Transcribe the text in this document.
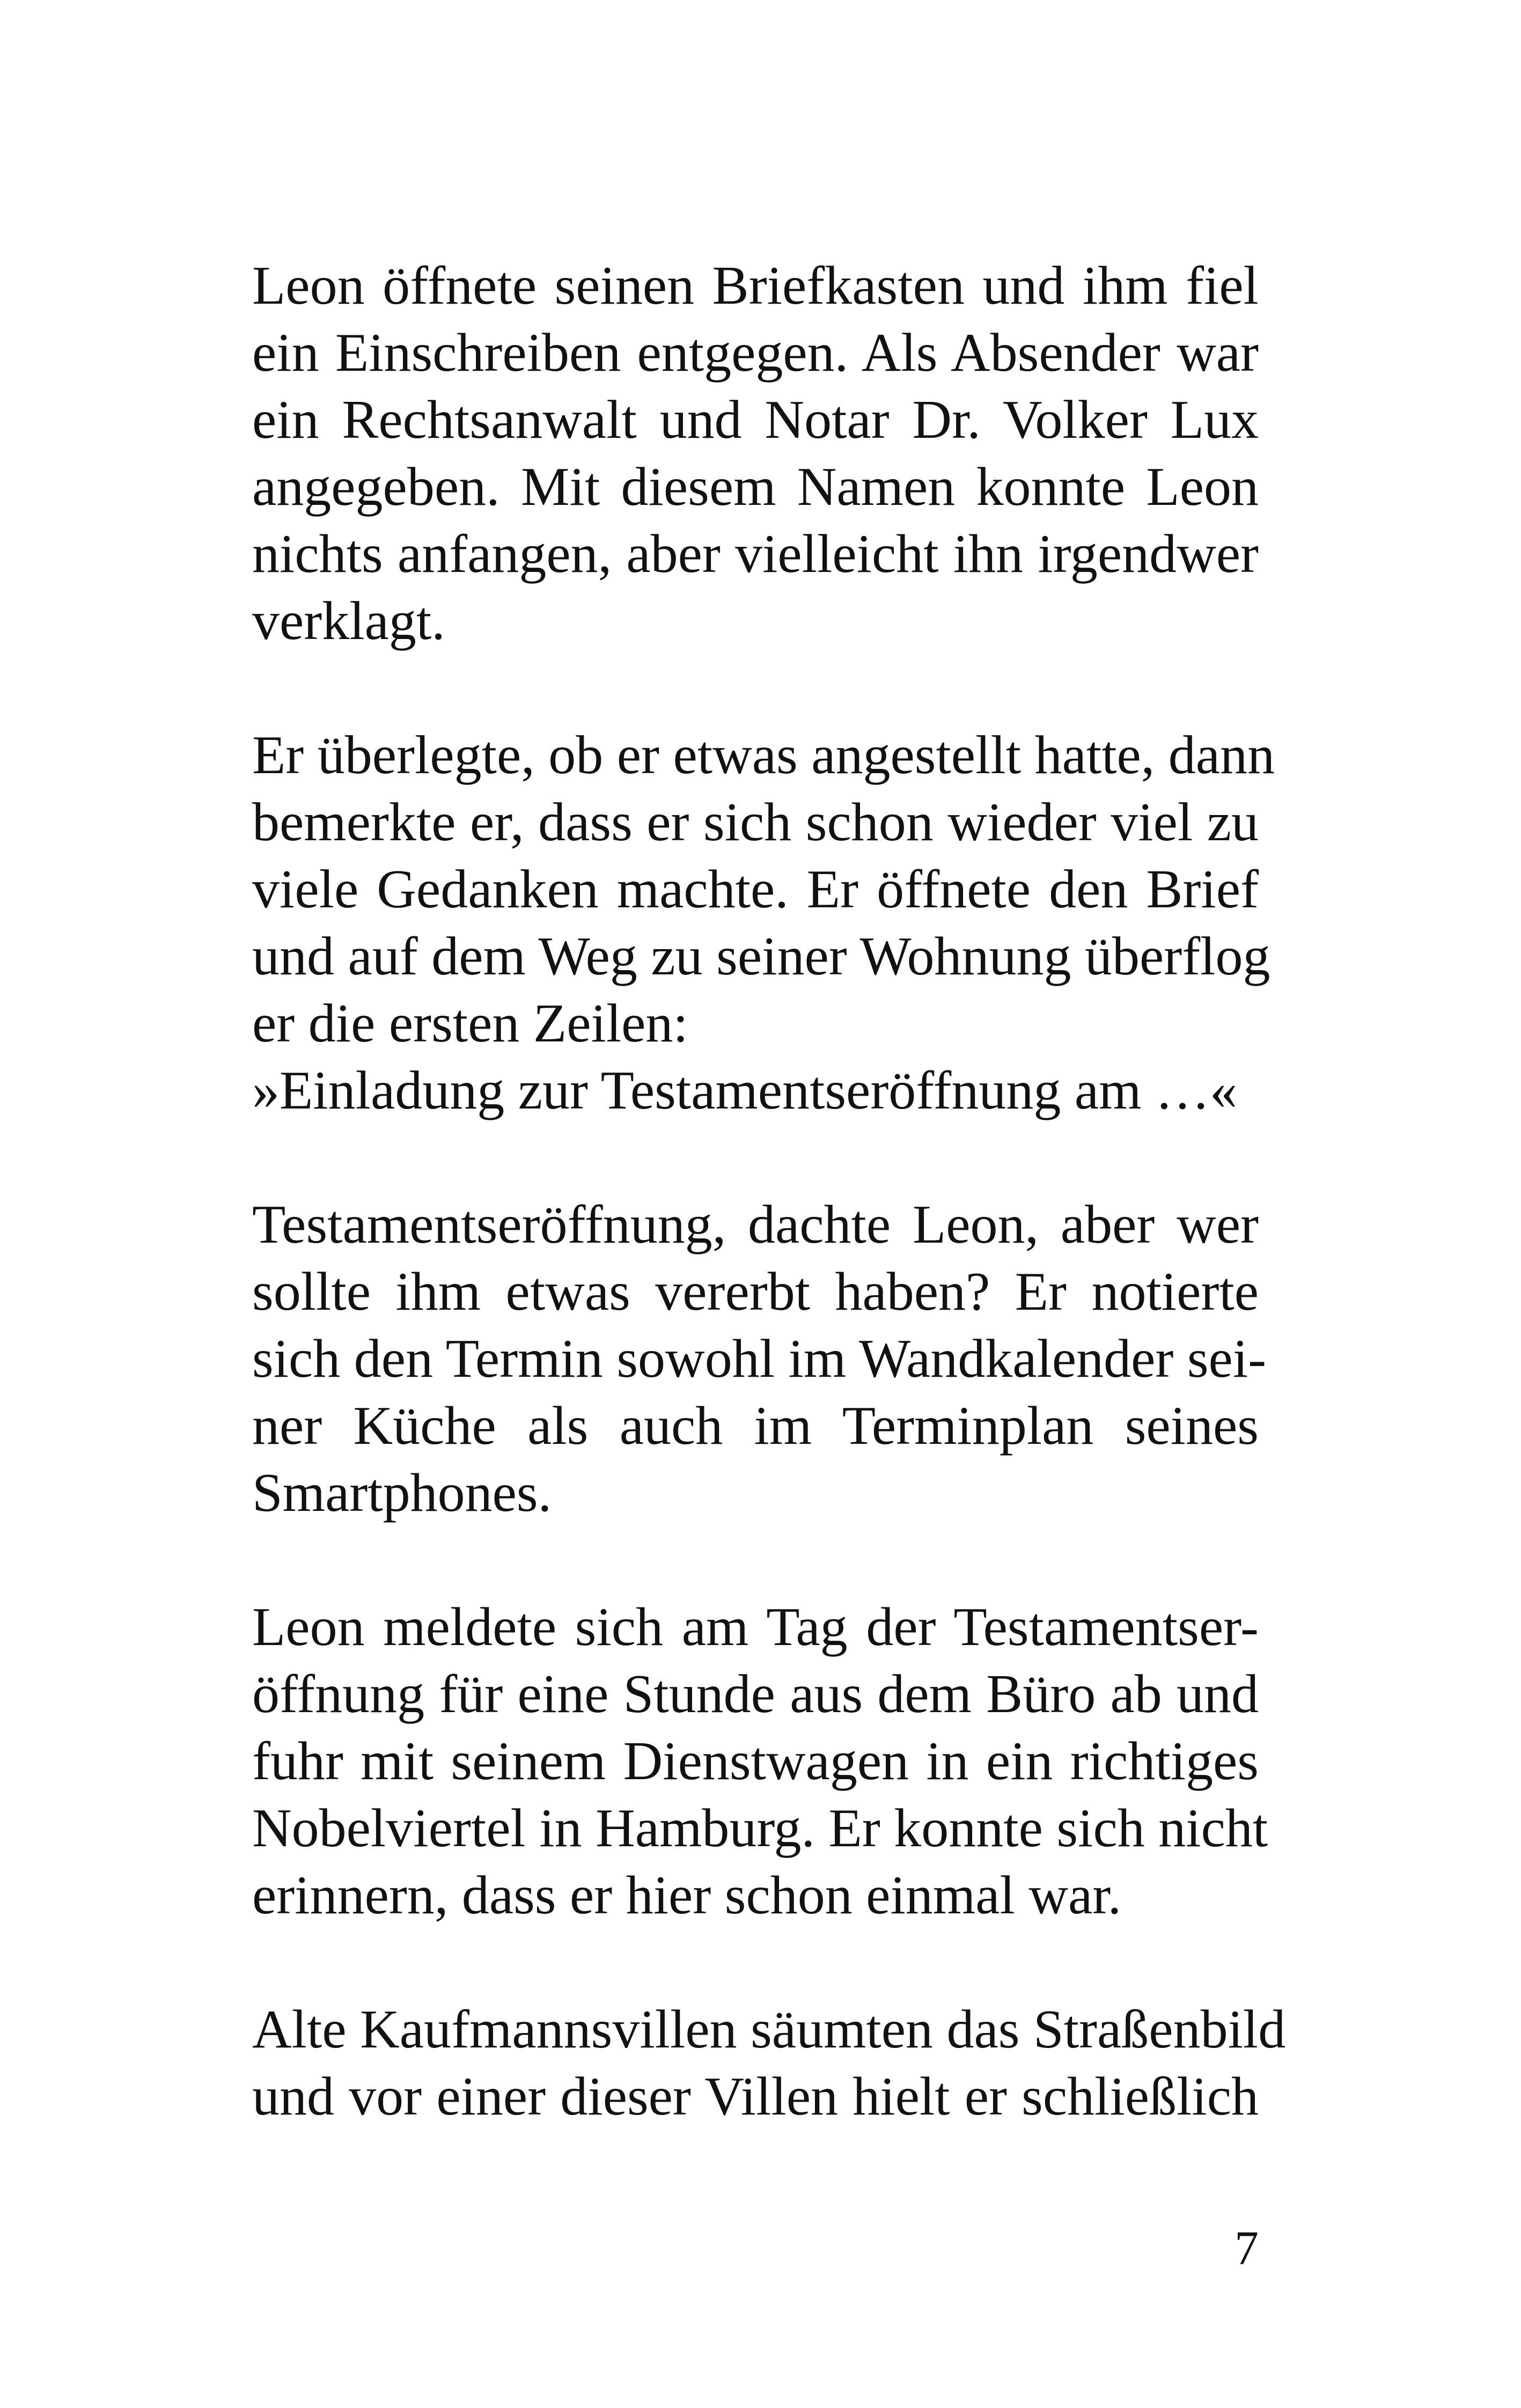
Leon öffnete seinen Briefkasten und ihm fiel
ein Einschreiben entgegen. Als Absender war
ein Rechtsanwalt und Notar Dr. Volker Lux
angegeben. Mit diesem Namen konnte Leon
nichts anfangen, aber vielleicht ihn irgendwer
verklagt.
Er überlegte, ob er etwas angestellt hatte, dann
bemerkte er, dass er sich schon wieder viel zu
viele Gedanken machte. Er öffnete den Brief
und auf dem Weg zu seiner Wohnung überflog
er die ersten Zeilen:
»Einladung zur Testamentseröffnung am …«
Testamentseröffnung, dachte Leon, aber wer
sollte ihm etwas vererbt haben? Er notierte
sich den Termin sowohl im Wandkalender sei-
ner Küche als auch im Terminplan seines
Smartphones.
Leon meldete sich am Tag der Testamentser-
öffnung für eine Stunde aus dem Büro ab und
fuhr mit seinem Dienstwagen in ein richtiges
Nobelviertel in Hamburg. Er konnte sich nicht
erinnern, dass er hier schon einmal war.
Alte Kaufmannsvillen säumten das Straßenbild
und vor einer dieser Villen hielt er schließlich
7
